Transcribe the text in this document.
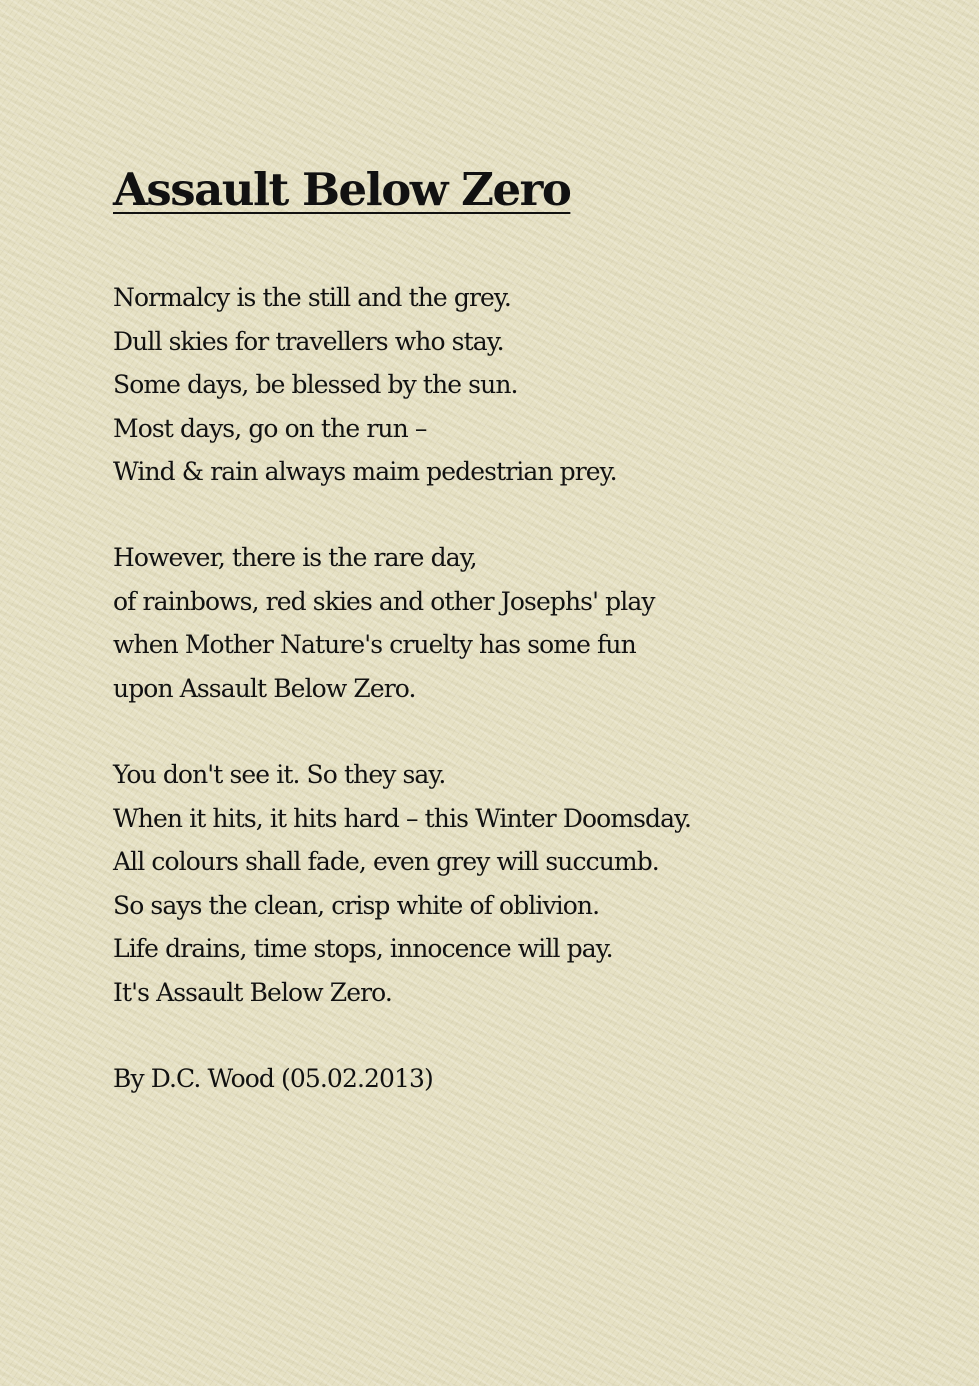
Assault Below Zero
Normalcy is the still and the grey.
Dull skies for travellers who stay.
Some days, be blessed by the sun.
Most days, go on the run –
Wind & rain always maim pedestrian prey.
However, there is the rare day,
of rainbows, red skies and other Josephs' play
when Mother Nature's cruelty has some fun
upon Assault Below Zero.
You don't see it. So they say.
When it hits, it hits hard – this Winter Doomsday.
All colours shall fade, even grey will succumb.
So says the clean, crisp white of oblivion.
Life drains, time stops, innocence will pay.
It's Assault Below Zero.

By D.C. Wood (05.02.2013)
